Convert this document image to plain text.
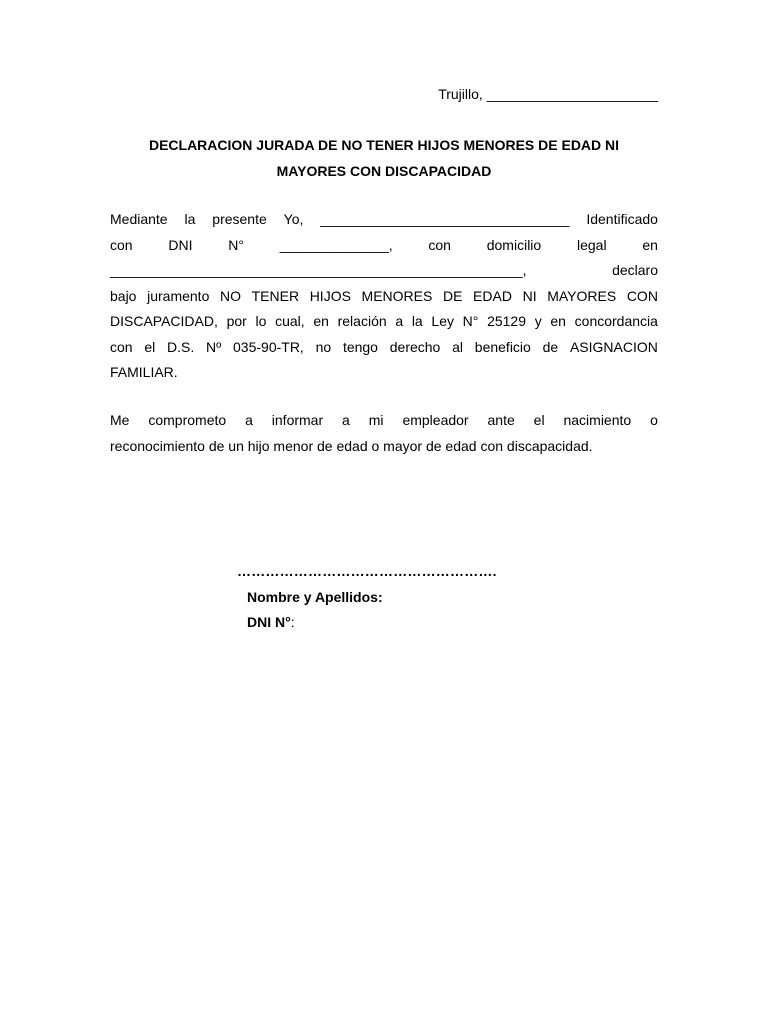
Trujillo, ______________________
DECLARACION JURADA DE NO TENER HIJOS MENORES DE EDAD NI
MAYORES CON DISCAPACIDAD
Mediante la presente Yo, ________________________________ Identificado
con	DNI	N°	______________,	con	domicilio	legal	en
_____________________________________________________,	declaro
bajo juramento NO TENER HIJOS MENORES DE EDAD NI MAYORES CON
DISCAPACIDAD, por lo cual, en relación a la Ley N° 25129 y en concordancia
con el D.S. Nº 035-90-TR, no tengo derecho al beneficio de ASIGNACION
FAMILIAR.
Me comprometo a informar a mi empleador ante el nacimiento o
reconocimiento de un hijo menor de edad o mayor de edad con discapacidad.
……………………………………………….
Nombre y Apellidos:
DNI N°:
